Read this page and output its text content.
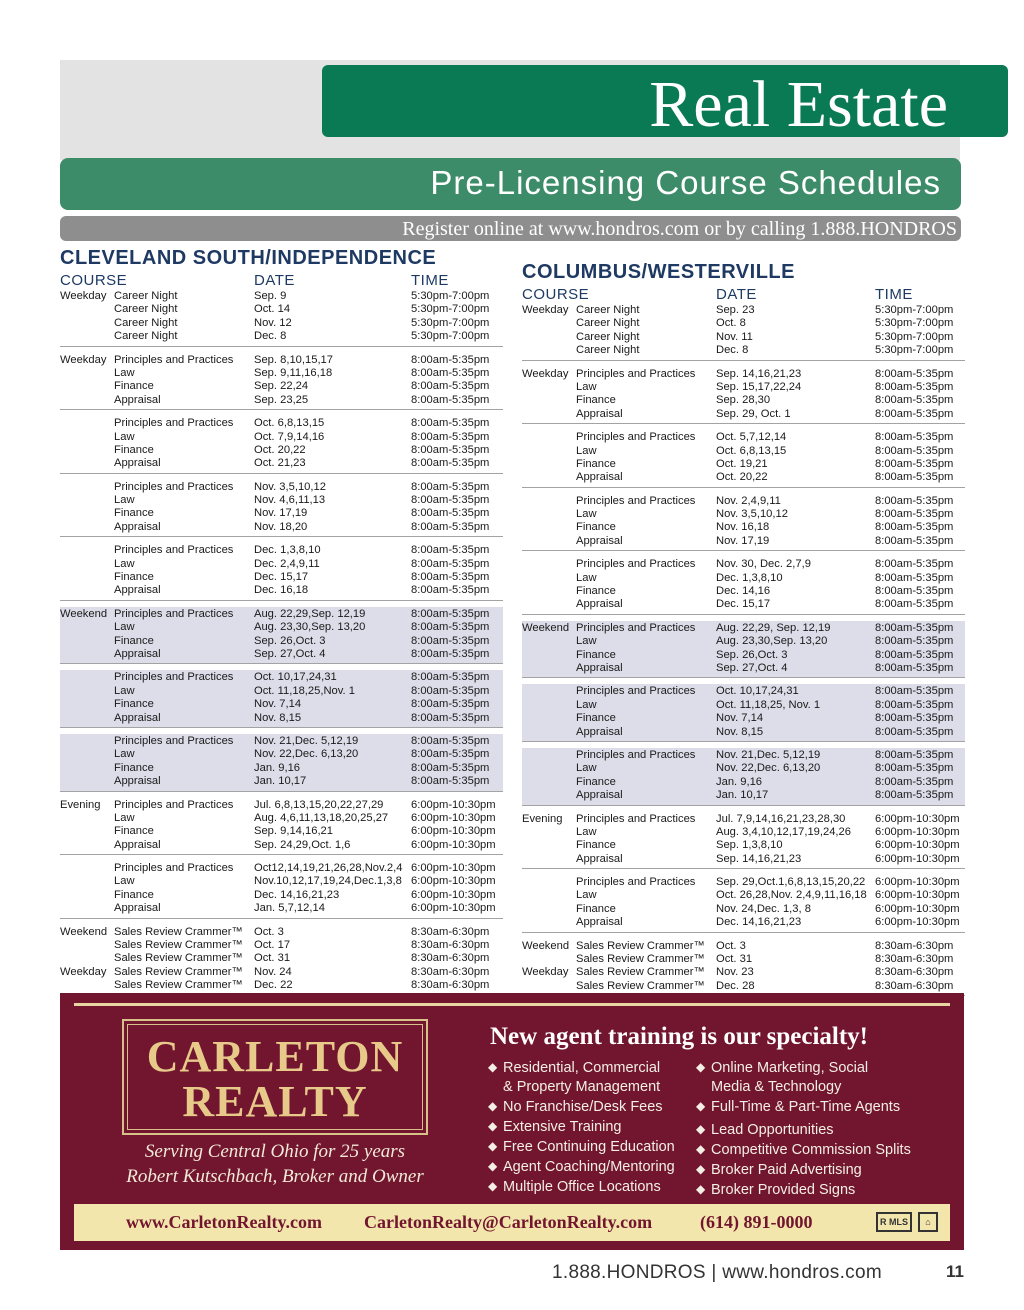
Real Estate
Pre-Licensing Course Schedules
Register online at www.hondros.com or by calling 1.888.HONDROS
CLEVELAND SOUTH/INDEPENDENCE
COURSE	DATE	TIME
Weekday Career Night	Sep. 9	5:30pm-7:00pm
Career Night	Oct. 14	5:30pm-7:00pm
Career Night	Nov. 12	5:30pm-7:00pm
Career Night	Dec. 8	5:30pm-7:00pm
Weekday Principles and Practices Sep. 8,10,15,17	8:00am-5:35pm
Law	Sep. 9,11,16,18	8:00am-5:35pm
Finance	Sep. 22,24	8:00am-5:35pm
Appraisal	Sep. 23,25	8:00am-5:35pm
Principles and Practices Oct. 6,8,13,15	8:00am-5:35pm
Law	Oct. 7,9,14,16	8:00am-5:35pm
Finance	Oct. 20,22	8:00am-5:35pm
Appraisal	Oct. 21,23	8:00am-5:35pm
Principles and Practices Nov. 3,5,10,12	8:00am-5:35pm
Law	Nov. 4,6,11,13	8:00am-5:35pm
Finance	Nov. 17,19	8:00am-5:35pm
Appraisal	Nov. 18,20	8:00am-5:35pm
Principles and Practices Dec. 1,3,8,10	8:00am-5:35pm
Law	Dec. 2,4,9,11	8:00am-5:35pm
Finance	Dec. 15,17	8:00am-5:35pm
Appraisal	Dec. 16,18	8:00am-5:35pm
Weekend Principles and Practices Aug. 22,29,Sep. 12,19	8:00am-5:35pm
Law	Aug. 23,30,Sep. 13,20	8:00am-5:35pm
Finance	Sep. 26,Oct. 3	8:00am-5:35pm
Appraisal	Sep. 27,Oct. 4	8:00am-5:35pm
Principles and Practices Oct. 10,17,24,31	8:00am-5:35pm
Law	Oct. 11,18,25,Nov. 1	8:00am-5:35pm
Finance	Nov. 7,14	8:00am-5:35pm
Appraisal	Nov. 8,15	8:00am-5:35pm
Principles and Practices Nov. 21,Dec. 5,12,19	8:00am-5:35pm
Law	Nov. 22,Dec. 6,13,20	8:00am-5:35pm
Finance	Jan. 9,16	8:00am-5:35pm
Appraisal	Jan. 10,17	8:00am-5:35pm
Evening Principles and Practices Jul. 6,8,13,15,20,22,27,29 6:00pm-10:30pm
Law	Aug. 4,6,11,13,18,20,25,27 6:00pm-10:30pm
Finance	Sep. 9,14,16,21	6:00pm-10:30pm
Appraisal	Sep. 24,29,Oct. 1,6	6:00pm-10:30pm
Principles and Practices Oct12,14,19,21,26,28,Nov.2,4 6:00pm-10:30pm
Law	Nov.10,12,17,19,24,Dec.1,3,8 6:00pm-10:30pm
Finance	Dec. 14,16,21,23	6:00pm-10:30pm
Appraisal	Jan. 5,7,12,14	6:00pm-10:30pm
Weekend Sales Review Crammer™ Oct. 3	8:30am-6:30pm
Sales Review Crammer™ Oct. 17	8:30am-6:30pm
Sales Review Crammer™ Oct. 31	8:30am-6:30pm
Weekday Sales Review Crammer™ Nov. 24	8:30am-6:30pm
Sales Review Crammer™ Dec. 22	8:30am-6:30pm
COLUMBUS/WESTERVILLE
COURSE	DATE	TIME
Weekday Career Night	Sep. 23	5:30pm-7:00pm
Career Night	Oct. 8	5:30pm-7:00pm
Career Night	Nov. 11	5:30pm-7:00pm
Career Night	Dec. 8	5:30pm-7:00pm
Weekday Principles and Practices Sep. 14,16,21,23	8:00am-5:35pm
Law	Sep. 15,17,22,24	8:00am-5:35pm
Finance	Sep. 28,30	8:00am-5:35pm
Appraisal	Sep. 29, Oct. 1	8:00am-5:35pm
Principles and Practices Oct. 5,7,12,14	8:00am-5:35pm
Law	Oct. 6,8,13,15	8:00am-5:35pm
Finance	Oct. 19,21	8:00am-5:35pm
Appraisal	Oct. 20,22	8:00am-5:35pm
Principles and Practices Nov. 2,4,9,11	8:00am-5:35pm
Law	Nov. 3,5,10,12	8:00am-5:35pm
Finance	Nov. 16,18	8:00am-5:35pm
Appraisal	Nov. 17,19	8:00am-5:35pm
Principles and Practices Nov. 30, Dec. 2,7,9	8:00am-5:35pm
Law	Dec. 1,3,8,10	8:00am-5:35pm
Finance	Dec. 14,16	8:00am-5:35pm
Appraisal	Dec. 15,17	8:00am-5:35pm
Weekend Principles and Practices Aug. 22,29, Sep. 12,19	8:00am-5:35pm
Law	Aug. 23,30,Sep. 13,20	8:00am-5:35pm
Finance	Sep. 26,Oct. 3	8:00am-5:35pm
Appraisal	Sep. 27,Oct. 4	8:00am-5:35pm
Principles and Practices Oct. 10,17,24,31	8:00am-5:35pm
Law	Oct. 11,18,25, Nov. 1	8:00am-5:35pm
Finance	Nov. 7,14	8:00am-5:35pm
Appraisal	Nov. 8,15	8:00am-5:35pm
Principles and Practices Nov. 21,Dec. 5,12,19	8:00am-5:35pm
Law	Nov. 22,Dec. 6,13,20	8:00am-5:35pm
Finance	Jan. 9,16	8:00am-5:35pm
Appraisal	Jan. 10,17	8:00am-5:35pm
Evening Principles and Practices Jul. 7,9,14,16,21,23,28,30	6:00pm-10:30pm
Law	Aug. 3,4,10,12,17,19,24,26 6:00pm-10:30pm
Finance	Sep. 1,3,8,10	6:00pm-10:30pm
Appraisal	Sep. 14,16,21,23	6:00pm-10:30pm
Principles and Practices Sep. 29,Oct.1,6,8,13,15,20,22 6:00pm-10:30pm
Law	Oct. 26,28,Nov. 2,4,9,11,16,18 6:00pm-10:30pm
Finance	Nov. 24,Dec. 1,3, 8	6:00pm-10:30pm
Appraisal	Dec. 14,16,21,23	6:00pm-10:30pm
Weekend Sales Review Crammer™ Oct. 3	8:30am-6:30pm
Sales Review Crammer™ Oct. 31	8:30am-6:30pm
Weekday Sales Review Crammer™ Nov. 23	8:30am-6:30pm
Sales Review Crammer™ Dec. 28	8:30am-6:30pm
CARLETON
REALTY
Serving Central Ohio for 25 years
Robert Kutschbach, Broker and Owner
New agent training is our specialty!
◆ Residential, Commercial
& Property Management
◆ No Franchise/Desk Fees
◆ Extensive Training
◆ Free Continuing Education
◆ Agent Coaching/Mentoring
◆ Multiple Office Locations
◆ Online Marketing, Social
Media & Technology
◆ Full-Time & Part-Time Agents
◆ Lead Opportunities
◆ Competitive Commission Splits
◆ Broker Paid Advertising
◆ Broker Provided Signs
www.CarletonRealty.com CarletonRealty@CarletonRealty.com	(614) 891-0000	R MLS	⌂
1.888.HONDROS | www.hondros.com	11
